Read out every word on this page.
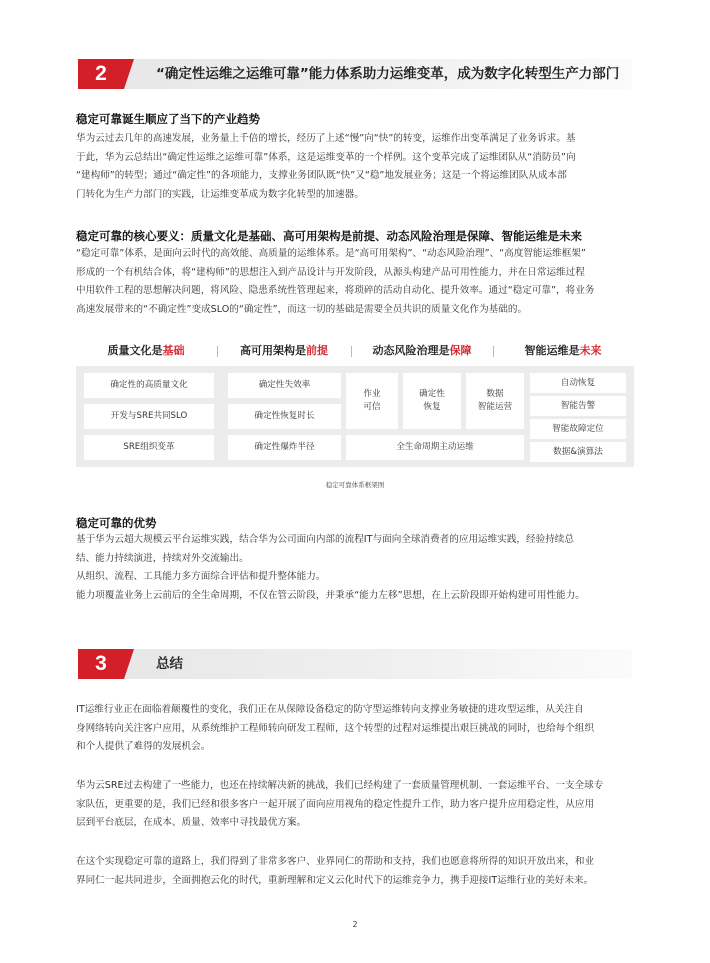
2	“确定性运维之运维可靠”能力体系助力运维变革，成为数字化转型生产力部门
稳定可靠诞生顺应了当下的产业趋势

华为云过去几年的高速发展，业务量上千倍的增长，经历了上述“慢”向“快”的转变，运维作出变革满足了业务诉求。基

于此，华为云总结出“确定性运维之运维可靠”体系，这是运维变革的一个样例。这个变革完成了运维团队从“消防员”向

“建构师”的转型；通过“确定性”的各项能力，支撑业务团队既“快”又“稳”地发展业务；这是一个将运维团队从成本部

门转化为生产力部门的实践，让运维变革成为数字化转型的加速器。

稳定可靠的核心要义：质量文化是基础、高可用架构是前提、动态风险治理是保障、智能运维是未来

“稳定可靠”体系，是面向云时代的高效能、高质量的运维体系。是“高可用架构”、“动态风险治理”、“高度智能运维框架”

形成的一个有机结合体，将“建构师”的思想注入到产品设计与开发阶段，从源头构建产品可用性能力，并在日常运维过程

中用软件工程的思想解决问题，将风险、隐患系统性管理起来，将琐碎的活动自动化、提升效率。通过“稳定可靠”，将业务

高速发展带来的“不确定性”变成SLO的“确定性”，而这一切的基础是需要全员共识的质量文化作为基础的。

质量文化是基础	高可用架构是前提	动态风险治理是保障	智能运维是未来
确定性的高质量文化
开发与SRE共同SLO
SRE组织变革
确定性失效率
确定性恢复时长
确定性爆炸半径
作业
可信
确定性
恢复
数据
智能运营
全生命周期主动运维
自动恢复
智能告警
智能故障定位
数据&演算法
稳定可靠体系框架图
稳定可靠的优势

基于华为云超大规模云平台运维实践，结合华为公司面向内部的流程IT与面向全球消费者的应用运维实践，经验持续总

结、能力持续演进，持续对外交流输出。

从组织、流程、工具能力多方面综合评估和提升整体能力。

能力项覆盖业务上云前后的全生命周期，不仅在管云阶段，并秉承“能力左移”思想，在上云阶段即开始构建可用性能力。

3	总结

IT运维行业正在面临着颠覆性的变化，我们正在从保障设备稳定的防守型运维转向支撑业务敏捷的进攻型运维，从关注自

身网络转向关注客户应用，从系统维护工程师转向研发工程师，这个转型的过程对运维提出艰巨挑战的同时，也给每个组织

和个人提供了难得的发展机会。

华为云SRE过去构建了一些能力，也还在持续解决新的挑战，我们已经构建了一套质量管理机制、一套运维平台、一支全球专

家队伍，更重要的是，我们已经和很多客户一起开展了面向应用视角的稳定性提升工作，助力客户提升应用稳定性，从应用

层到平台底层，在成本、质量、效率中寻找最优方案。

在这个实现稳定可靠的道路上，我们得到了非常多客户、业界同仁的帮助和支持，我们也愿意将所得的知识开放出来，和业

界同仁一起共同进步，全面拥抱云化的时代，重新理解和定义云化时代下的运维竞争力，携手迎接IT运维行业的美好未来。

2
